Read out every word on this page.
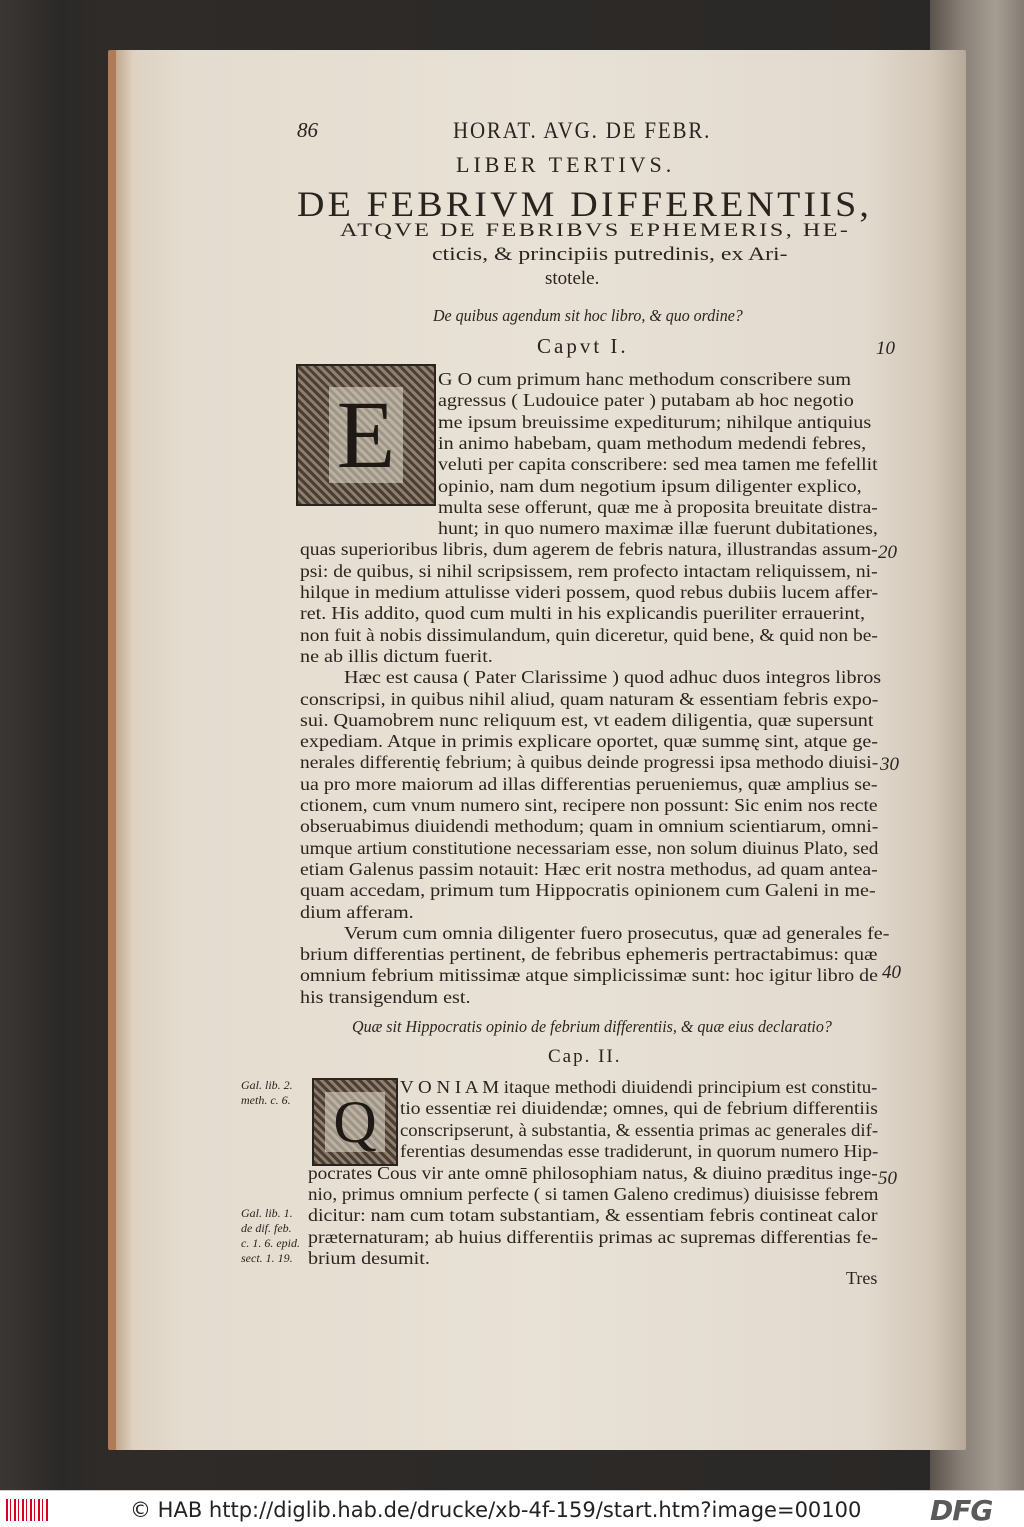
86	HORAT. AVG. DE FEBR.
LIBER TERTIVS.
DE FEBRIVM DIFFERENTIIS,
ATQVE DE FEBRIBVS EPHEMERIS, HE-
cticis, & principiis putredinis, ex Ari-
stotele.
De quibus agendum sit hoc libro, & quo ordine?
Capvt I.	10
20
30
40
50
E
G O cum primum hanc methodum conscribere sum
agressus ( Ludouice pater ) putabam ab hoc negotio
me ipsum breuissime expediturum; nihilque antiquius
in animo habebam, quam methodum medendi febres,
veluti per capita conscribere: sed mea tamen me fefellit
opinio, nam dum negotium ipsum diligenter explico,
multa sese offerunt, quæ me à proposita breuitate distra-
hunt; in quo numero maximæ illæ fuerunt dubitationes,
quas superioribus libris, dum agerem de febris natura, illustrandas assum-
psi: de quibus, si nihil scripsissem, rem profecto intactam reliquissem, ni-
hilque in medium attulisse videri possem, quod rebus dubiis lucem affer-
ret. His addito, quod cum multi in his explicandis pueriliter errauerint,
non fuit à nobis dissimulandum, quin diceretur, quid bene, & quid non be-
ne ab illis dictum fuerit.
Hæc est causa ( Pater Clarissime ) quod adhuc duos integros libros
conscripsi, in quibus nihil aliud, quam naturam & essentiam febris expo-
sui. Quamobrem nunc reliquum est, vt eadem diligentia, quæ supersunt
expediam. Atque in primis explicare oportet, quæ summę sint, atque ge-
nerales differentię febrium; à quibus deinde progressi ipsa methodo diuisi-
ua pro more maiorum ad illas differentias perueniemus, quæ amplius se-
ctionem, cum vnum numero sint, recipere non possunt: Sic enim nos recte
obseruabimus diuidendi methodum; quam in omnium scientiarum, omni-
umque artium constitutione necessariam esse, non solum diuinus Plato, sed
etiam Galenus passim notauit: Hæc erit nostra methodus, ad quam antea-
quam accedam, primum tum Hippocratis opinionem cum Galeni in me-
dium afferam.
Verum cum omnia diligenter fuero prosecutus, quæ ad generales fe-
brium differentias pertinent, de febribus ephemeris pertractabimus: quæ
omnium febrium mitissimæ atque simplicissimæ sunt: hoc igitur libro de
his transigendum est.
Quæ sit Hippocratis opinio de febrium differentiis, & quæ eius declaratio?
Cap. II.
Q
Gal. lib. 2.
meth. c. 6.
Gal. lib. 1.
de dif. feb.
c. 1. 6. epid.
sect. 1. 19.
V O N I A M itaque methodi diuidendi principium est constitu-
tio essentiæ rei diuidendæ; omnes, qui de febrium differentiis
conscripserunt, à substantia, & essentia primas ac generales dif-
ferentias desumendas esse tradiderunt, in quorum numero Hip-
pocrates Cous vir ante omnē philosophiam natus, & diuino præditus inge-
nio, primus omnium perfecte ( si tamen Galeno credimus) diuisisse febrem
dicitur: nam cum totam substantiam, & essentiam febris contineat calor
præternaturam; ab huius differentiis primas ac supremas differentias fe-
brium desumit.
Tres
© HAB http://diglib.hab.de/drucke/xb-4f-159/start.htm?image=00100 DFG
